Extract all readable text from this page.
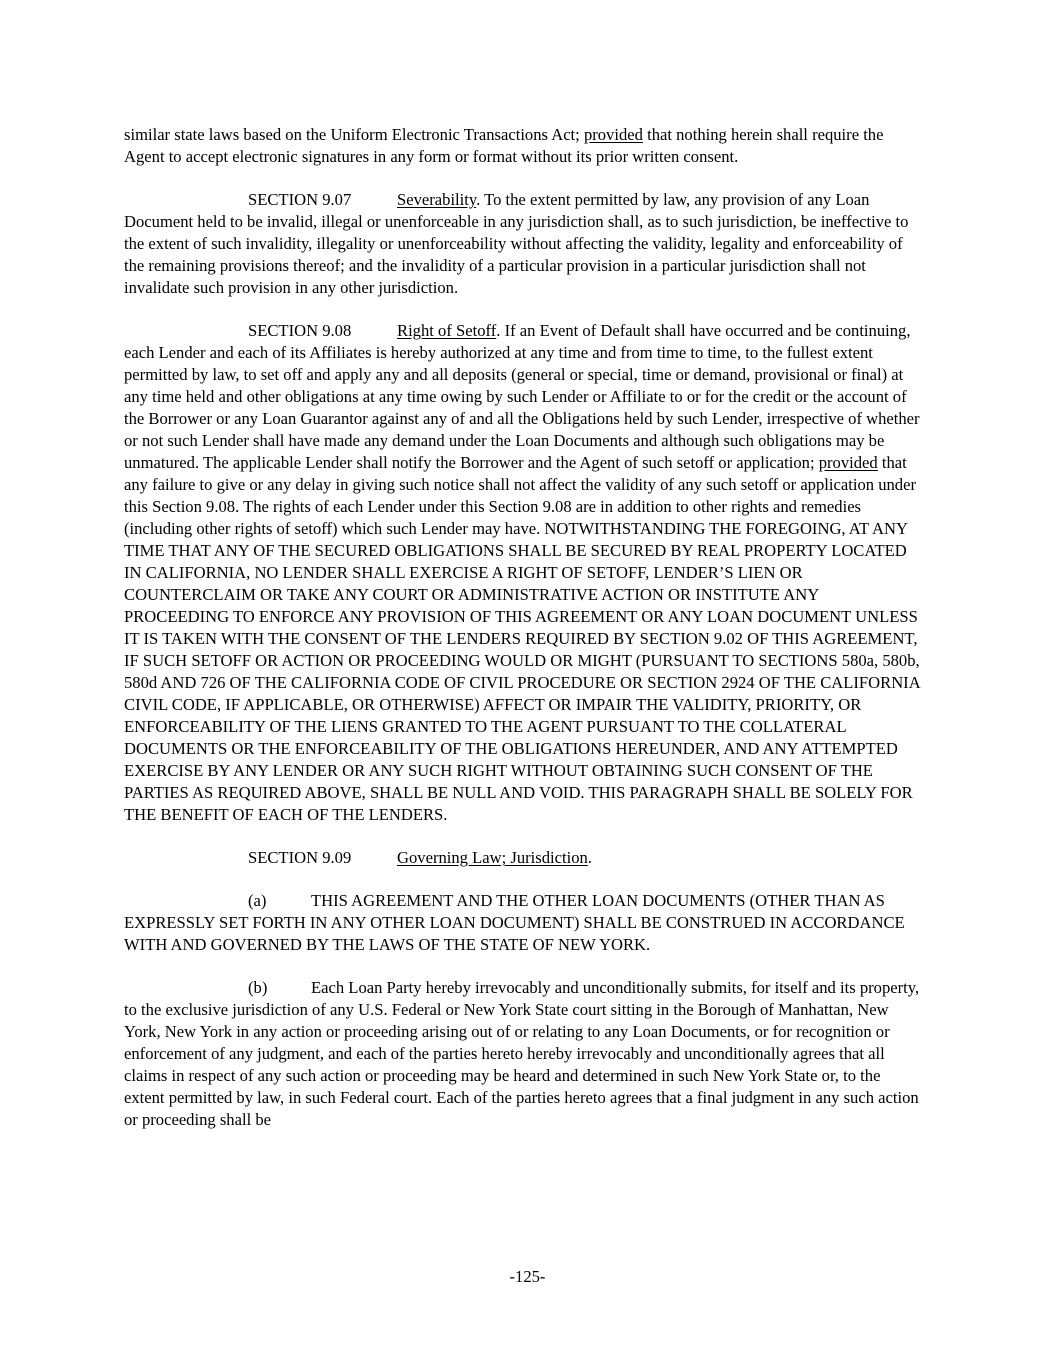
similar state laws based on the Uniform Electronic Transactions Act; provided that nothing herein shall require the Agent to accept electronic signatures in any form or format without its prior written consent.

SECTION 9.07	Severability. To the extent permitted by law, any provision of any Loan Document held to be invalid, illegal or unenforceable in any jurisdiction shall, as to such jurisdiction, be ineffective to the extent of such invalidity, illegality or unenforceability without affecting the validity, legality and enforceability of the remaining provisions thereof; and the invalidity of a particular provision in a particular jurisdiction shall not invalidate such provision in any other jurisdiction.

SECTION 9.08	Right of Setoff. If an Event of Default shall have occurred and be continuing, each Lender and each of its Affiliates is hereby authorized at any time and from time to time, to the fullest extent permitted by law, to set off and apply any and all deposits (general or special, time or demand, provisional or final) at any time held and other obligations at any time owing by such Lender or Affiliate to or for the credit or the account of the Borrower or any Loan Guarantor against any of and all the Obligations held by such Lender, irrespective of whether or not such Lender shall have made any demand under the Loan Documents and although such obligations may be unmatured. The applicable Lender shall notify the Borrower and the Agent of such setoff or application; provided that any failure to give or any delay in giving such notice shall not affect the validity of any such setoff or application under this Section 9.08. The rights of each Lender under this Section 9.08 are in addition to other rights and remedies (including other rights of setoff) which such Lender may have. NOTWITHSTANDING THE FOREGOING, AT ANY TIME THAT ANY OF THE SECURED OBLIGATIONS SHALL BE SECURED BY REAL PROPERTY LOCATED IN CALIFORNIA, NO LENDER SHALL EXERCISE A RIGHT OF SETOFF, LENDER’S LIEN OR COUNTERCLAIM OR TAKE ANY COURT OR ADMINISTRATIVE ACTION OR INSTITUTE ANY PROCEEDING TO ENFORCE ANY PROVISION OF THIS AGREEMENT OR ANY LOAN DOCUMENT UNLESS IT IS TAKEN WITH THE CONSENT OF THE LENDERS REQUIRED BY SECTION 9.02 OF THIS AGREEMENT, IF SUCH SETOFF OR ACTION OR PROCEEDING WOULD OR MIGHT (PURSUANT TO SECTIONS 580a, 580b, 580d AND 726 OF THE CALIFORNIA CODE OF CIVIL PROCEDURE OR SECTION 2924 OF THE CALIFORNIA CIVIL CODE, IF APPLICABLE, OR OTHERWISE) AFFECT OR IMPAIR THE VALIDITY, PRIORITY, OR ENFORCEABILITY OF THE LIENS GRANTED TO THE AGENT PURSUANT TO THE COLLATERAL DOCUMENTS OR THE ENFORCEABILITY OF THE OBLIGATIONS HEREUNDER, AND ANY ATTEMPTED EXERCISE BY ANY LENDER OR ANY SUCH RIGHT WITHOUT OBTAINING SUCH CONSENT OF THE PARTIES AS REQUIRED ABOVE, SHALL BE NULL AND VOID. THIS PARAGRAPH SHALL BE SOLELY FOR THE BENEFIT OF EACH OF THE LENDERS.

SECTION 9.09	Governing Law; Jurisdiction.

(a)	THIS AGREEMENT AND THE OTHER LOAN DOCUMENTS (OTHER THAN AS EXPRESSLY SET FORTH IN ANY OTHER LOAN DOCUMENT) SHALL BE CONSTRUED IN ACCORDANCE WITH AND GOVERNED BY THE LAWS OF THE STATE OF NEW YORK.

(b)	Each Loan Party hereby irrevocably and unconditionally submits, for itself and its property, to the exclusive jurisdiction of any U.S. Federal or New York State court sitting in the Borough of Manhattan, New York, New York in any action or proceeding arising out of or relating to any Loan Documents, or for recognition or enforcement of any judgment, and each of the parties hereto hereby irrevocably and unconditionally agrees that all claims in respect of any such action or proceeding may be heard and determined in such New York State or, to the extent permitted by law, in such Federal court. Each of the parties hereto agrees that a final judgment in any such action or proceeding shall be

-125-
